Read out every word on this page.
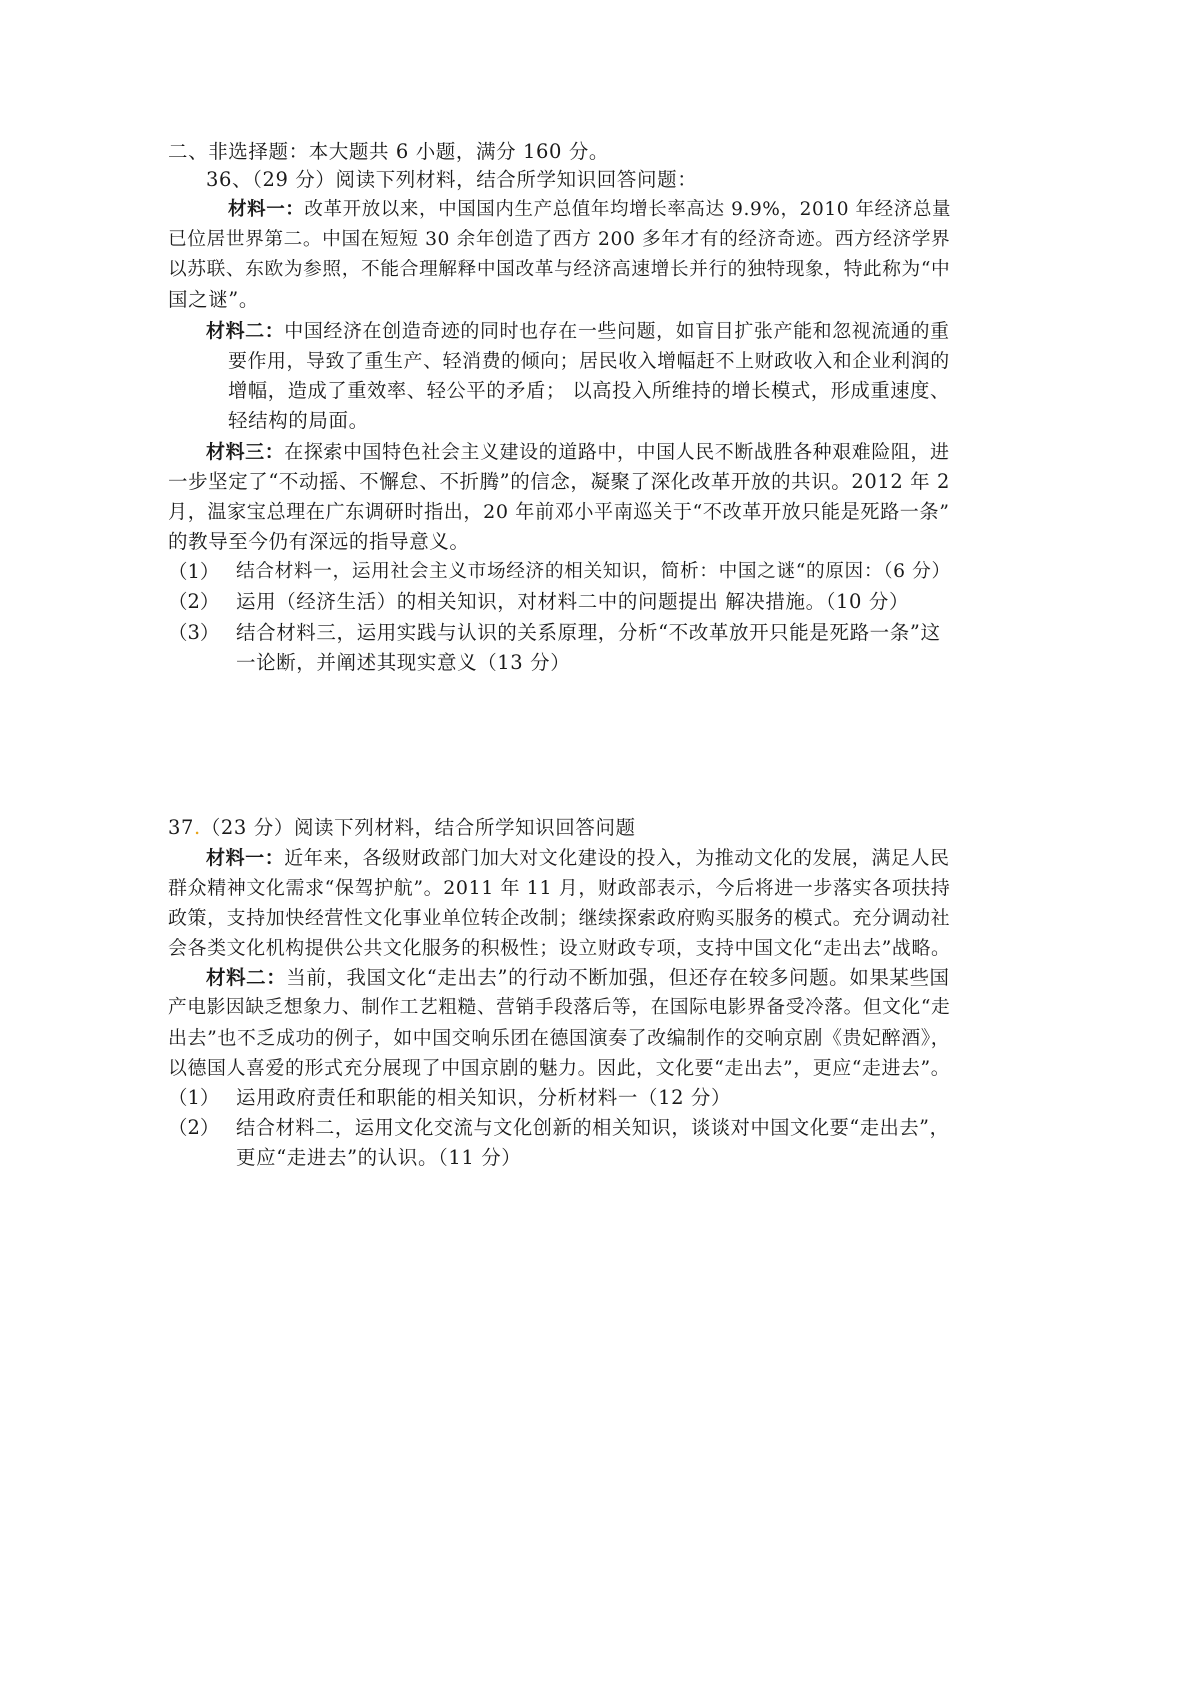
二、非选择题：本大题共 6 小题，满分 160 分。
36、（29 分）阅读下列材料，结合所学知识回答问题：
材料一：改革开放以来，中国国内生产总值年均增长率高达 9.9%，2010 年经济总量
已位居世界第二。中国在短短 30 余年创造了西方 200 多年才有的经济奇迹。西方经济学界
以苏联、东欧为参照，不能合理解释中国改革与经济高速增长并行的独特现象，特此称为“中
国之谜”。
材料二：中国经济在创造奇迹的同时也存在一些问题，如盲目扩张产能和忽视流通的重
要作用，导致了重生产、轻消费的倾向；居民收入增幅赶不上财政收入和企业利润的
增幅，造成了重效率、轻公平的矛盾； 以高投入所维持的增长模式，形成重速度、
轻结构的局面。
材料三：在探索中国特色社会主义建设的道路中，中国人民不断战胜各种艰难险阻，进
一步坚定了“不动摇、不懈怠、不折腾”的信念，凝聚了深化改革开放的共识。2012 年 2
月，温家宝总理在广东调研时指出，20 年前邓小平南巡关于“不改革开放只能是死路一条”
的教导至今仍有深远的指导意义。
（1） 结合材料一，运用社会主义市场经济的相关知识，简析：中国之谜“的原因：（6 分）
（2） 运用（经济生活）的相关知识，对材料二中的问题提出 解决措施。（10 分）
（3） 结合材料三，运用实践与认识的关系原理，分析“不改革放开只能是死路一条”这
一论断，并阐述其现实意义（13 分）
37.（23 分）阅读下列材料，结合所学知识回答问题
材料一：近年来，各级财政部门加大对文化建设的投入，为推动文化的发展，满足人民
群众精神文化需求“保驾护航”。2011 年 11 月，财政部表示，今后将进一步落实各项扶持
政策，支持加快经营性文化事业单位转企改制；继续探索政府购买服务的模式。充分调动社
会各类文化机构提供公共文化服务的积极性；设立财政专项，支持中国文化“走出去”战略。
材料二：当前，我国文化“走出去”的行动不断加强，但还存在较多问题。如果某些国
产电影因缺乏想象力、制作工艺粗糙、营销手段落后等，在国际电影界备受冷落。但文化“走
出去”也不乏成功的例子，如中国交响乐团在德国演奏了改编制作的交响京剧《贵妃醉酒》，
以德国人喜爱的形式充分展现了中国京剧的魅力。因此，文化要“走出去”，更应“走进去”。
（1） 运用政府责任和职能的相关知识，分析材料一（12 分）
（2） 结合材料二，运用文化交流与文化创新的相关知识，谈谈对中国文化要“走出去”，
更应“走进去”的认识。（11 分）
